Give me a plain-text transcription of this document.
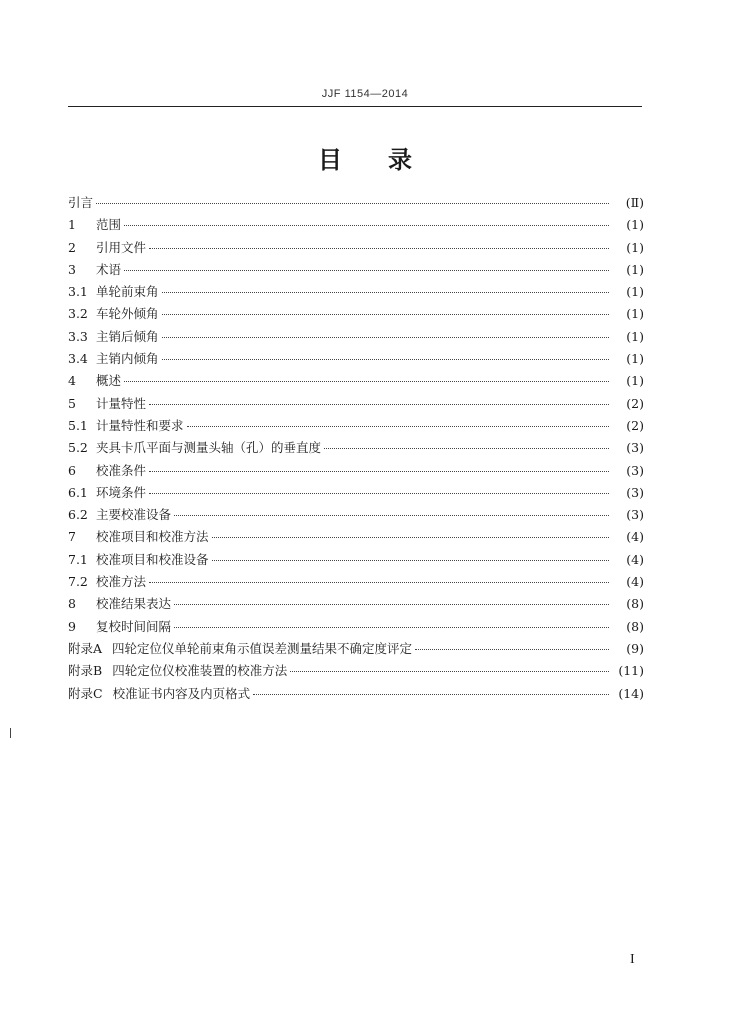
JJF 1154—2014
目 录
引言	(Ⅱ)
1	范围	(1)
2	引用文件	(1)
3	术语	(1)
3.1 单轮前束角	(1)
3.2 车轮外倾角	(1)
3.3 主销后倾角	(1)
3.4 主销内倾角	(1)
4	概述	(1)
5	计量特性	(2)
5.1 计量特性和要求	(2)
5.2 夹具卡爪平面与测量头轴（孔）的垂直度	(3)
6	校准条件	(3)
6.1 环境条件	(3)
6.2 主要校准设备	(3)
7	校准项目和校准方法	(4)
7.1 校准项目和校准设备	(4)
7.2 校准方法	(4)
8	校准结果表达	(8)
9	复校时间间隔	(8)
附录A 四轮定位仪单轮前束角示值误差测量结果不确定度评定	(9)
附录B 四轮定位仪校准装置的校准方法	(11)
附录C 校准证书内容及内页格式	(14)
I
